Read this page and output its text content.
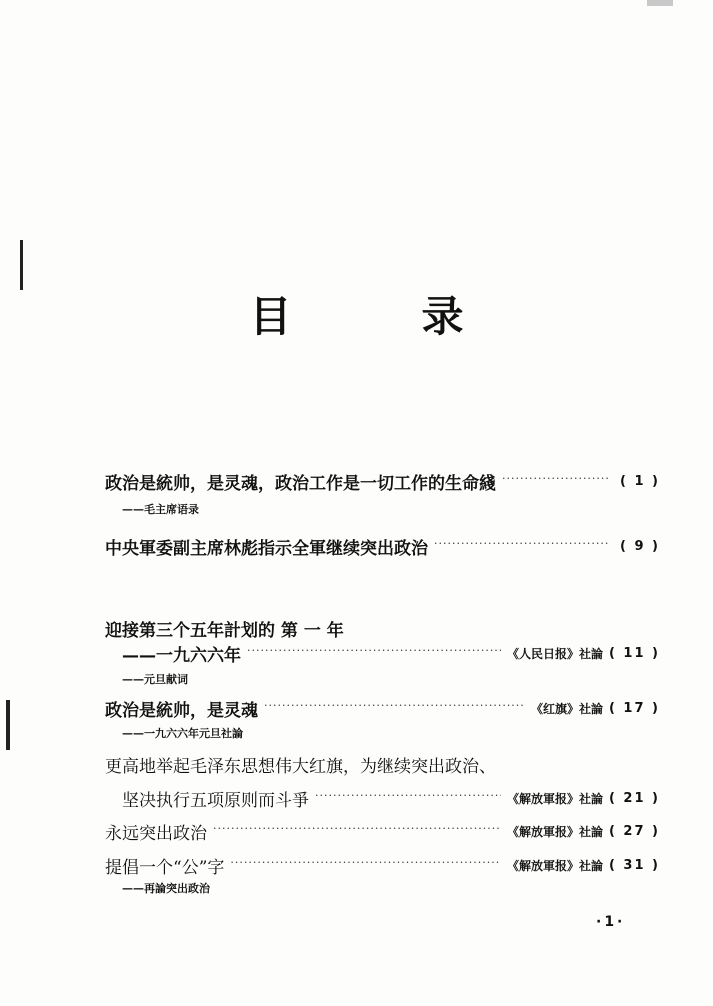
目　录
政治是統帅，是灵魂，政治工作是一切工作的生命綫 ·····	( 1 )
——毛主席语录
中央軍委副主席林彪指示全軍继续突出政治 ·····	( 9 )
迎接第三个五年計划的 第 一 年
——一九六六年 ·····	《人民日报》社論 ( 11 )
——元旦献词
政治是統帅，是灵魂 ·····	《红旗》社論 ( 17 )
——一九六六年元旦社論
更高地举起毛泽东思想伟大红旗，为继续突出政治、
坚决执行五项原则而斗爭 ·····	《解放軍报》社論 ( 21 )
永远突出政治 ·····	《解放軍报》社論 ( 27 )
提倡一个“公”字 ·····	《解放軍报》社論 ( 31 )
——再論突出政治
·1·
